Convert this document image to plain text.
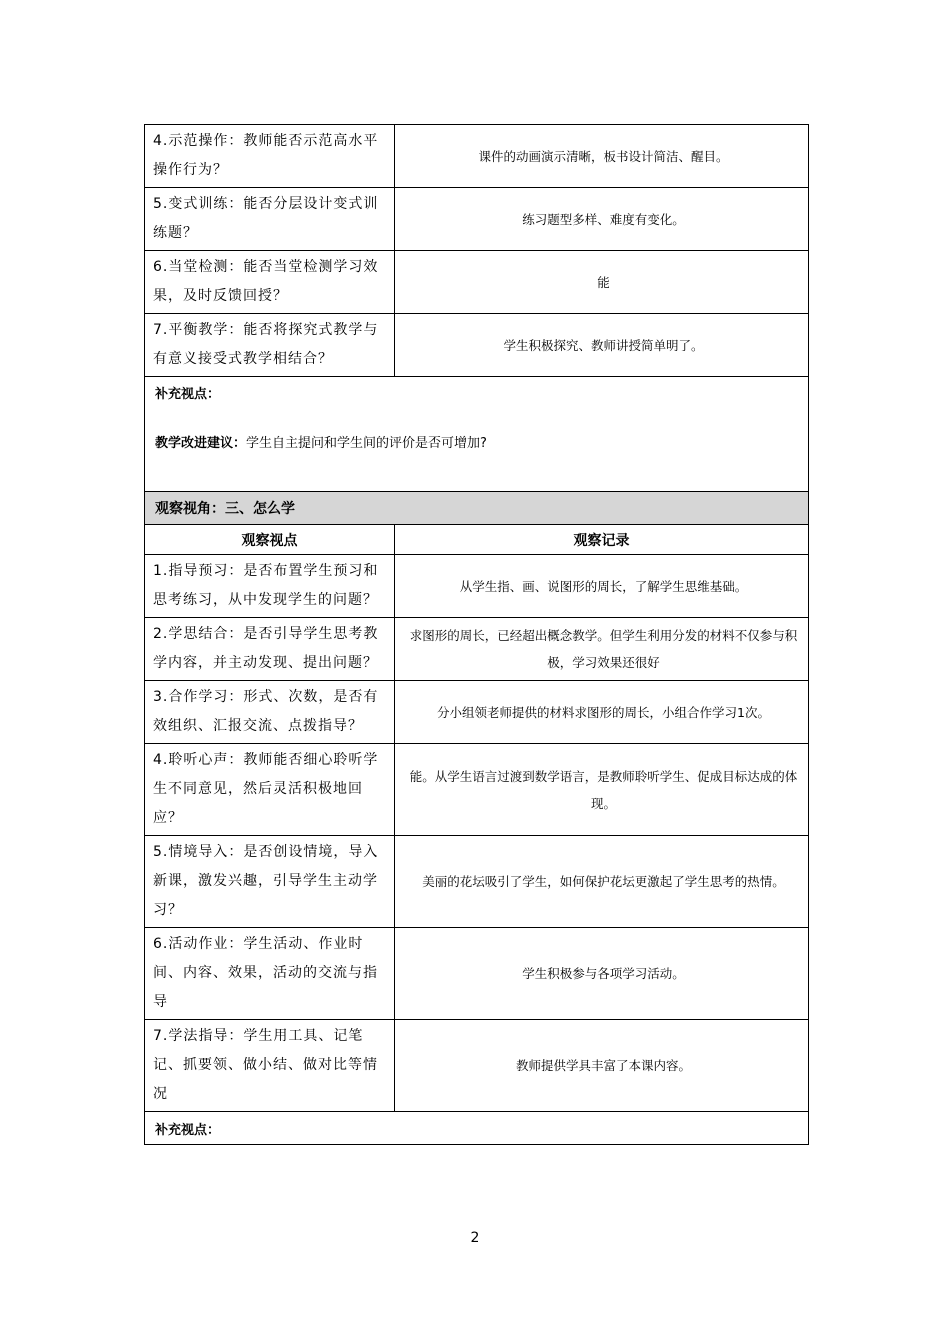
4.示范操作：教师能否示范高水平操作行为？	课件的动画演示清晰，板书设计简洁、醒目。
5.变式训练：能否分层设计变式训练题？	练习题型多样、难度有变化。
6.当堂检测：能否当堂检测学习效果，及时反馈回授？	能
7.平衡教学：能否将探究式教学与有意义接受式教学相结合？	学生积极探究、教师讲授简单明了。

补充视点：
教学改进建议：学生自主提问和学生间的评价是否可增加?	

观察视角：三、怎么学	
观察视点	观察记录
1.指导预习：是否布置学生预习和思考练习，从中发现学生的问题？	从学生指、画、说图形的周长，了解学生思维基础。
2.学思结合：是否引导学生思考教学内容，并主动发现、提出问题？	求图形的周长，已经超出概念教学。但学生利用分发的材料不仅参与积极，学习效果还很好
3.合作学习：形式、次数，是否有效组织、汇报交流、点拨指导？	分小组领老师提供的材料求图形的周长，小组合作学习1次。
4.聆听心声：教师能否细心聆听学生不同意见，然后灵活积极地回应？	能。从学生语言过渡到数学语言，是教师聆听学生、促成目标达成的体现。
5.情境导入：是否创设情境，导入新课，激发兴趣，引导学生主动学习？	美丽的花坛吸引了学生，如何保护花坛更激起了学生思考的热情。
6.活动作业：学生活动、作业时间、内容、效果，活动的交流与指导	学生积极参与各项学习活动。
7.学法指导：学生用工具、记笔记、抓要领、做小结、做对比等情况	教师提供学具丰富了本课内容。
补充视点：	
2
